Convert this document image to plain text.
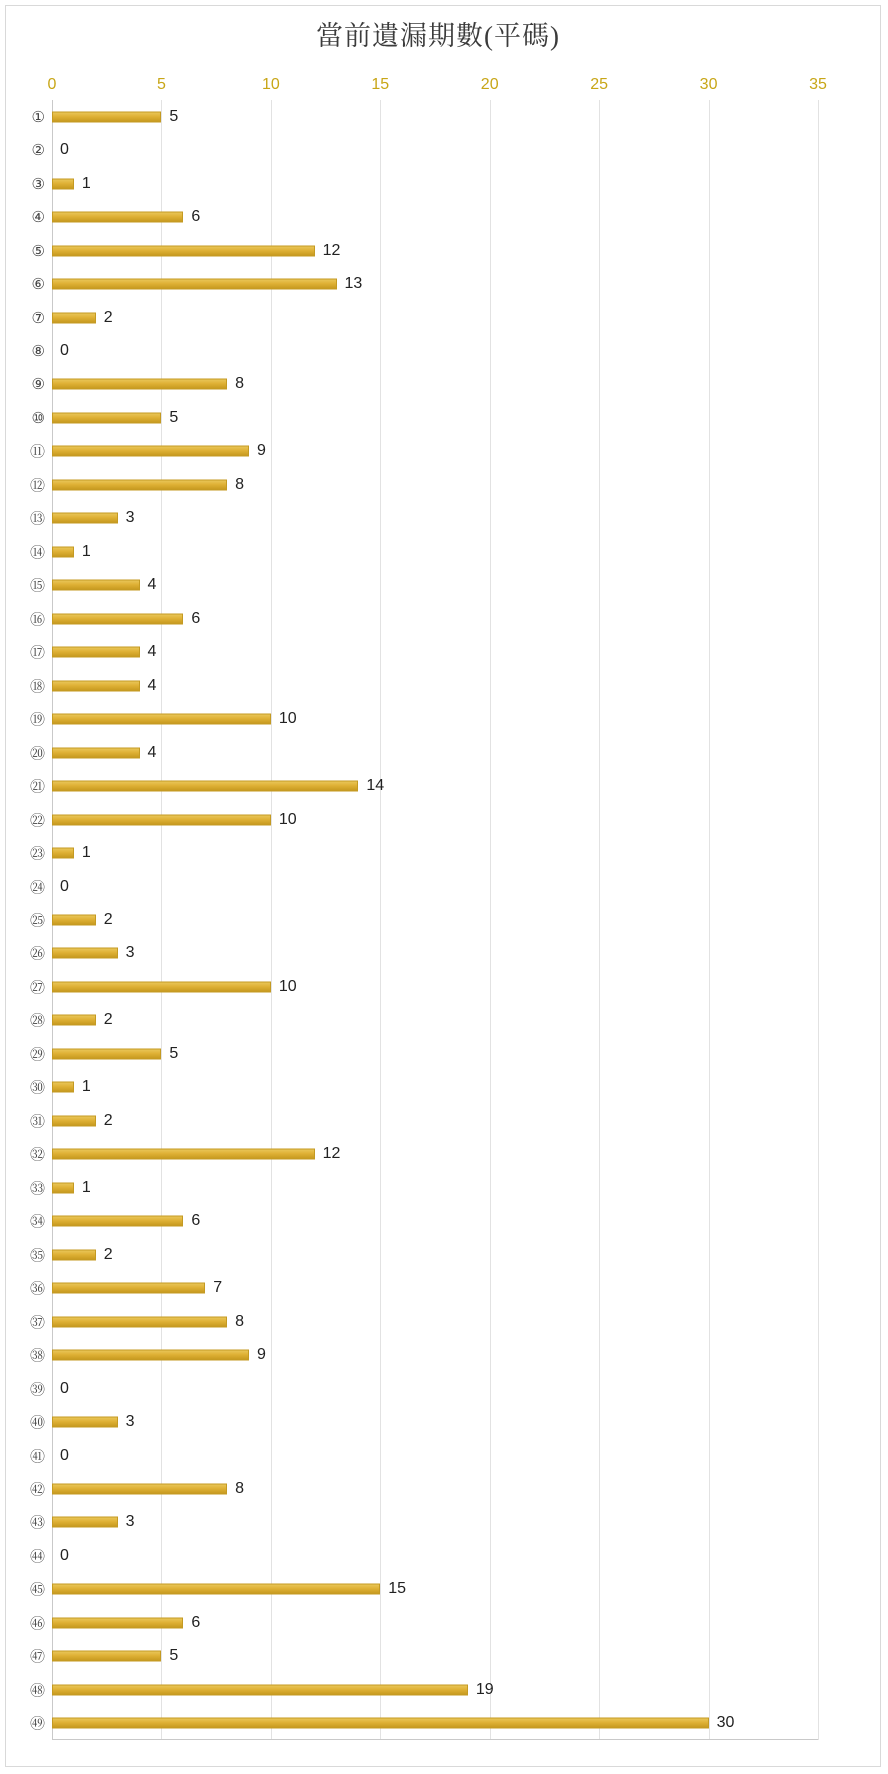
當前遺漏期數(平碼)
0	5	10	15	20	25	30	35
①	5
② 0
③ 1
④	6
⑤	12
⑥	13
⑦	2
⑧ 0
⑨	8
⑩	5
⑪	9
⑫	8
⑬	3
⑭ 1
⑮	4
⑯	6
⑰	4
⑱	4
⑲	10
⑳	4
㉑	14
㉒	10
㉓ 1
㉔ 0
㉕	2
㉖	3
㉗	10
㉘	2
㉙	5
㉚ 1
㉛	2
㉜	12
㉝ 1
㉞	6
㉟	2
㊱	7
㊲	8
㊳	9
㊴ 0
㊵	3
㊶ 0
㊷	8
㊸	3
㊹ 0
㊺	15
㊻	6
㊼	5
㊽	19
㊾	30
